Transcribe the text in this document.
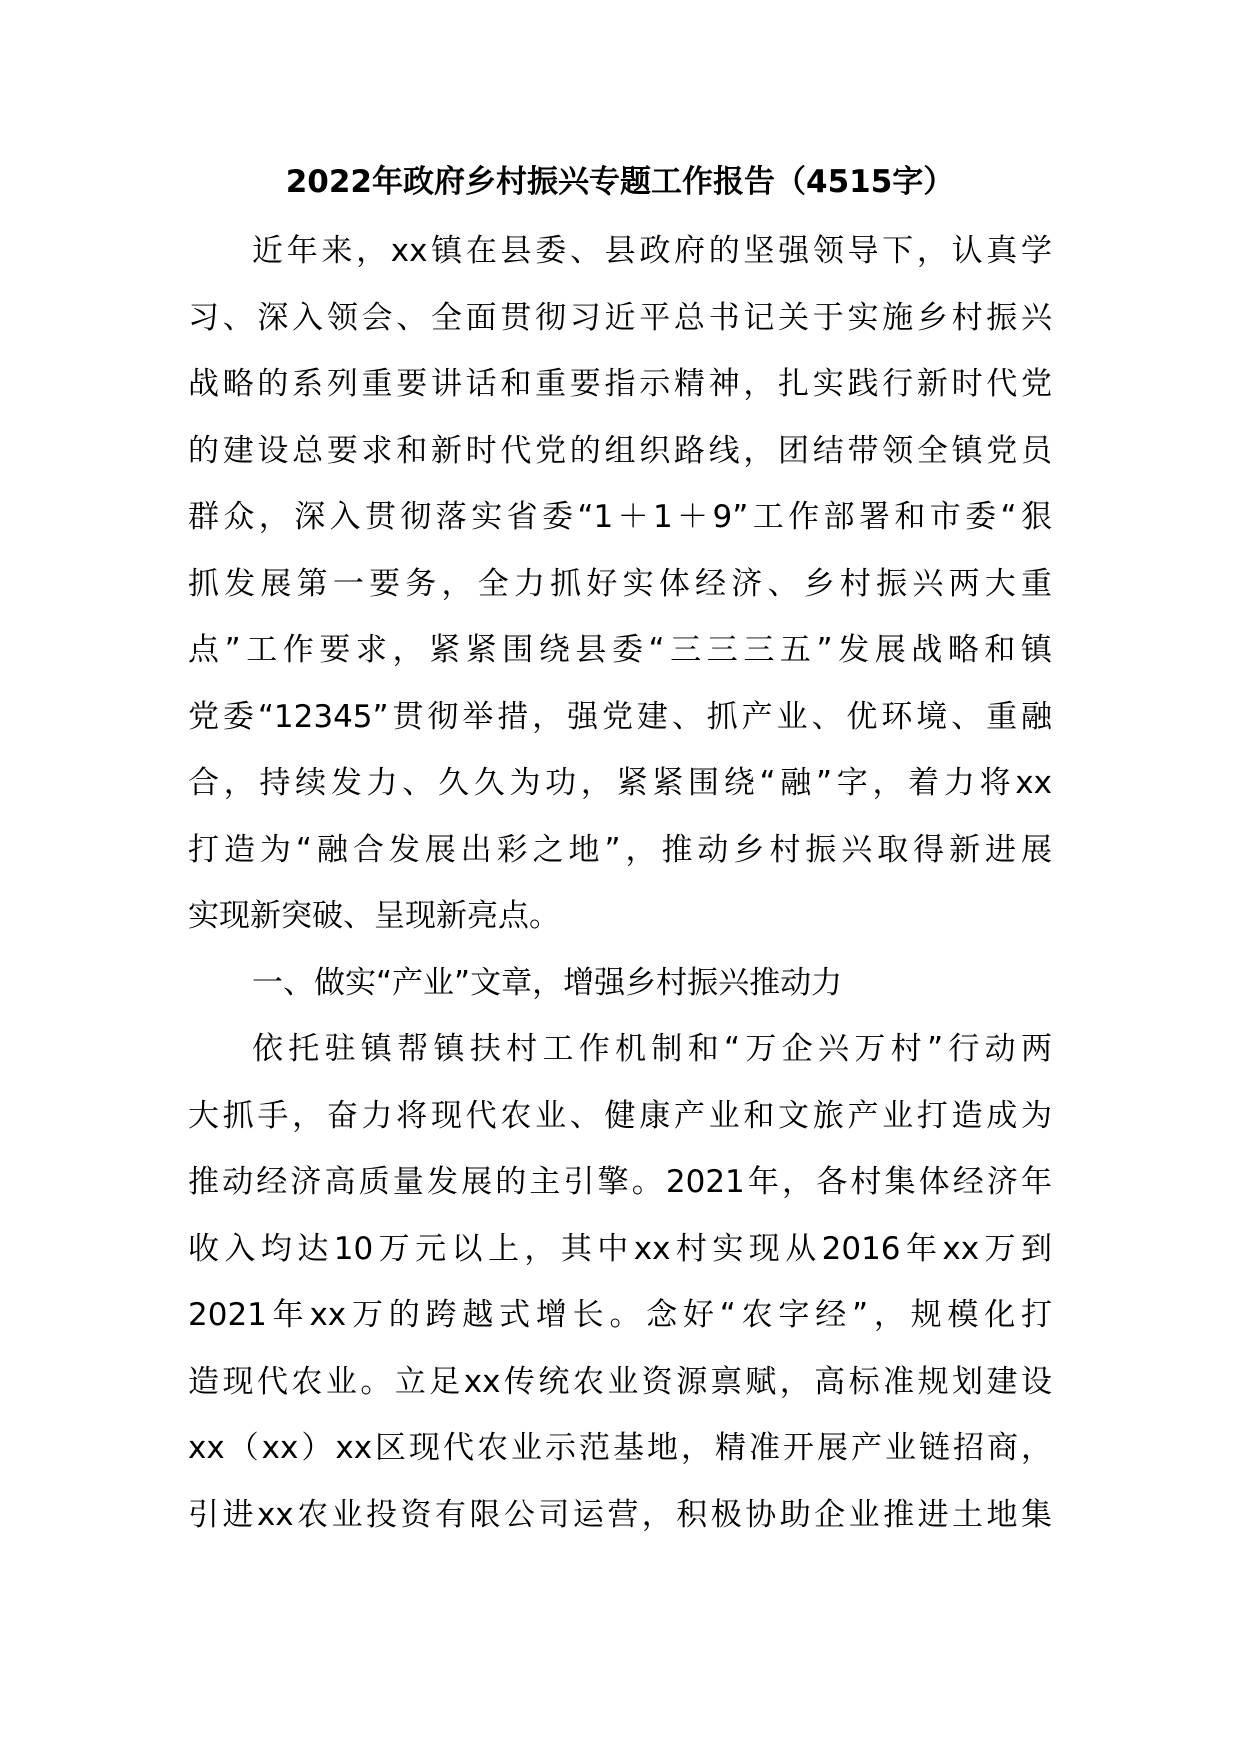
2022年政府乡村振兴专题工作报告（4515字）
近年来，xx镇在县委、县政府的坚强领导下，认真学
习、深入领会、全面贯彻习近平总书记关于实施乡村振兴
战略的系列重要讲话和重要指示精神，扎实践行新时代党
的建设总要求和新时代党的组织路线，团结带领全镇党员
群众，深入贯彻落实省委“1＋1＋9”工作部署和市委“狠
抓发展第一要务，全力抓好实体经济、乡村振兴两大重
点”工作要求，紧紧围绕县委“三三三五”发展战略和镇
党委“12345”贯彻举措，强党建、抓产业、优环境、重融
合，持续发力、久久为功，紧紧围绕“融”字，着力将xx
打造为“融合发展出彩之地”，推动乡村振兴取得新进展
实现新突破、呈现新亮点。
一、做实“产业”文章，增强乡村振兴推动力
依托驻镇帮镇扶村工作机制和“万企兴万村”行动两
大抓手，奋力将现代农业、健康产业和文旅产业打造成为
推动经济高质量发展的主引擎。2021年，各村集体经济年
收入均达10万元以上，其中xx村实现从2016年xx万到
2021年xx万的跨越式增长。念好“农字经”，规模化打
造现代农业。立足xx传统农业资源禀赋，高标准规划建设
xx（xx）xx区现代农业示范基地，精准开展产业链招商，
引进xx农业投资有限公司运营，积极协助企业推进土地集
